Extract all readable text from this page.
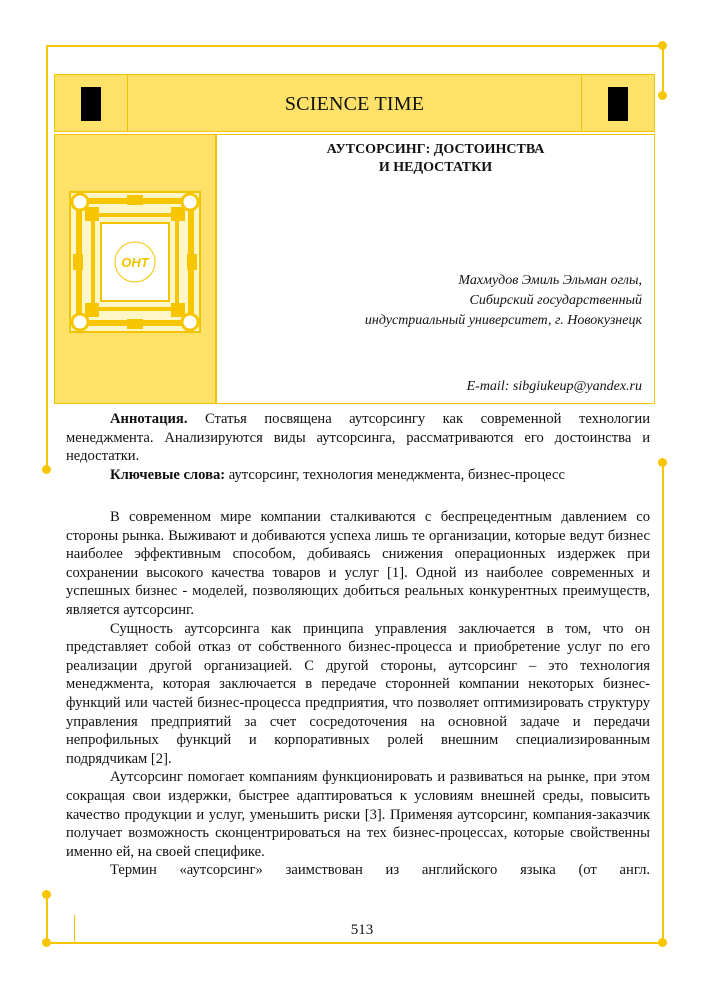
SCIENCE TIME
ОНТ
АУТСОРСИНГ: ДОСТОИНСТВА
И НЕДОСТАТКИ
Махмудов Эмиль Эльман оглы,
Сибирский государственный
индустриальный университет, г. Новокузнецк
E-mail: sibgiukeup@yandex.ru

Аннотация. Статья посвящена аутсорсингу как современной технологии менеджмента. Анализируются виды аутсорсинга, рассматриваются его достоинства и недостатки.

Ключевые слова: аутсорсинг, технология менеджмента, бизнес-процесс

В современном мире компании сталкиваются с беспрецедентным давлением со стороны рынка. Выживают и добиваются успеха лишь те организации, которые ведут бизнес наиболее эффективным способом, добиваясь снижения операционных издержек при сохранении высокого качества товаров и услуг [1]. Одной из наиболее современных и успешных бизнес - моделей, позволяющих добиться реальных конкурентных преимуществ, является аутсорсинг.

Сущность аутсорсинга как принципа управления заключается в том, что он представляет собой отказ от собственного бизнес-процесса и приобретение услуг по его реализации другой организацией. С другой стороны, аутсорсинг – это технология менеджмента, которая заключается в передаче сторонней компании некоторых бизнес-функций или частей бизнес-процесса предприятия, что позволяет оптимизировать структуру управления предприятий за счет сосредоточения на основной задаче и передачи непрофильных функций и корпоративных ролей внешним специализированным подрядчикам [2].

Аутсорсинг помогает компаниям функционировать и развиваться на рынке, при этом сокращая свои издержки, быстрее адаптироваться к условиям внешней среды, повысить качество продукции и услуг, уменьшить риски [3]. Применяя аутсорсинг, компания-заказчик получает возможность сконцентрироваться на тех бизнес-процессах, которые свойственны именно ей, на своей специфике.

Термин «аутсорсинг» заимствован из английского языка (от англ.

513
